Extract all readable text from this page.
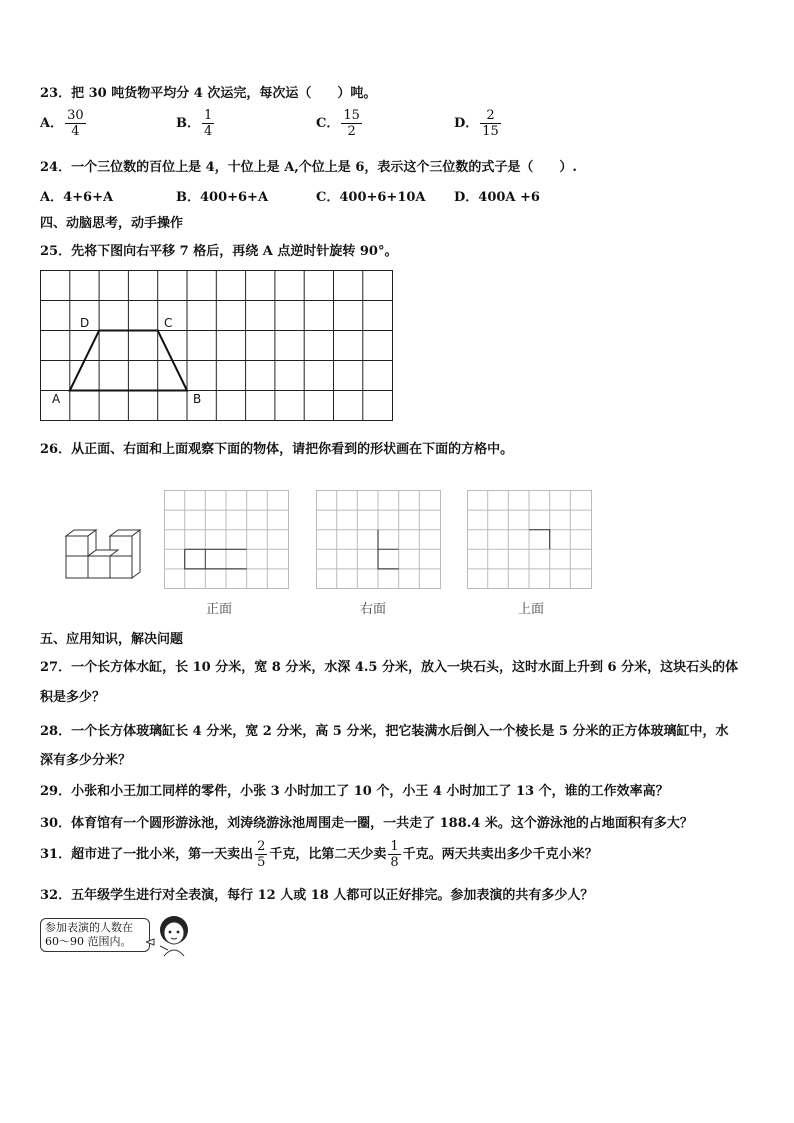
23．把 30 吨货物平均分 4 次运完，每次运（　　）吨。
A． $\frac{30}{4}$	B． $\frac{1}{4}$	C． $\frac{15}{2}$	D． $\frac{2}{15}$
24．一个三位数的百位上是 4，十位上是 A,个位上是 6，表示这个三位数的式子是（　　）.
A．4+6+A	B．400+6+A	C．400+6+10A D．400A +6
四、动脑思考，动手操作
25．先将下图向右平移 7 格后，再绕 A 点逆时针旋转 90°。
D	C
A	B
26．从正面、右面和上面观察下面的物体，请把你看到的形状画在下面的方格中。
正面	右面	上面
五、应用知识，解决问题
27．一个长方体水缸，长 10 分米，宽 8 分米，水深 4.5 分米，放入一块石头，这时水面上升到 6 分米，这块石头的体
积是多少？
28．一个长方体玻璃缸长 4 分米，宽 2 分米，高 5 分米，把它装满水后倒入一个棱长是 5 分米的正方体玻璃缸中，水
深有多少分米？
29．小张和小王加工同样的零件，小张 3 小时加工了 10 个，小王 4 小时加工了 13 个，谁的工作效率高？
30．体育馆有一个圆形游泳池，刘涛绕游泳池周围走一圈，一共走了 188.4 米。这个游泳池的占地面积有多大？
31．超市进了一批小米，第一天卖出 $\frac{2}{5}$ 千克，比第二天少卖 $\frac{1}{8}$ 千克。两天共卖出多少千克小米？
32．五年级学生进行对全表演，每行 12 人或 18 人都可以正好排完。参加表演的共有多少人？
参加表演的人数在60～90 范围内。
